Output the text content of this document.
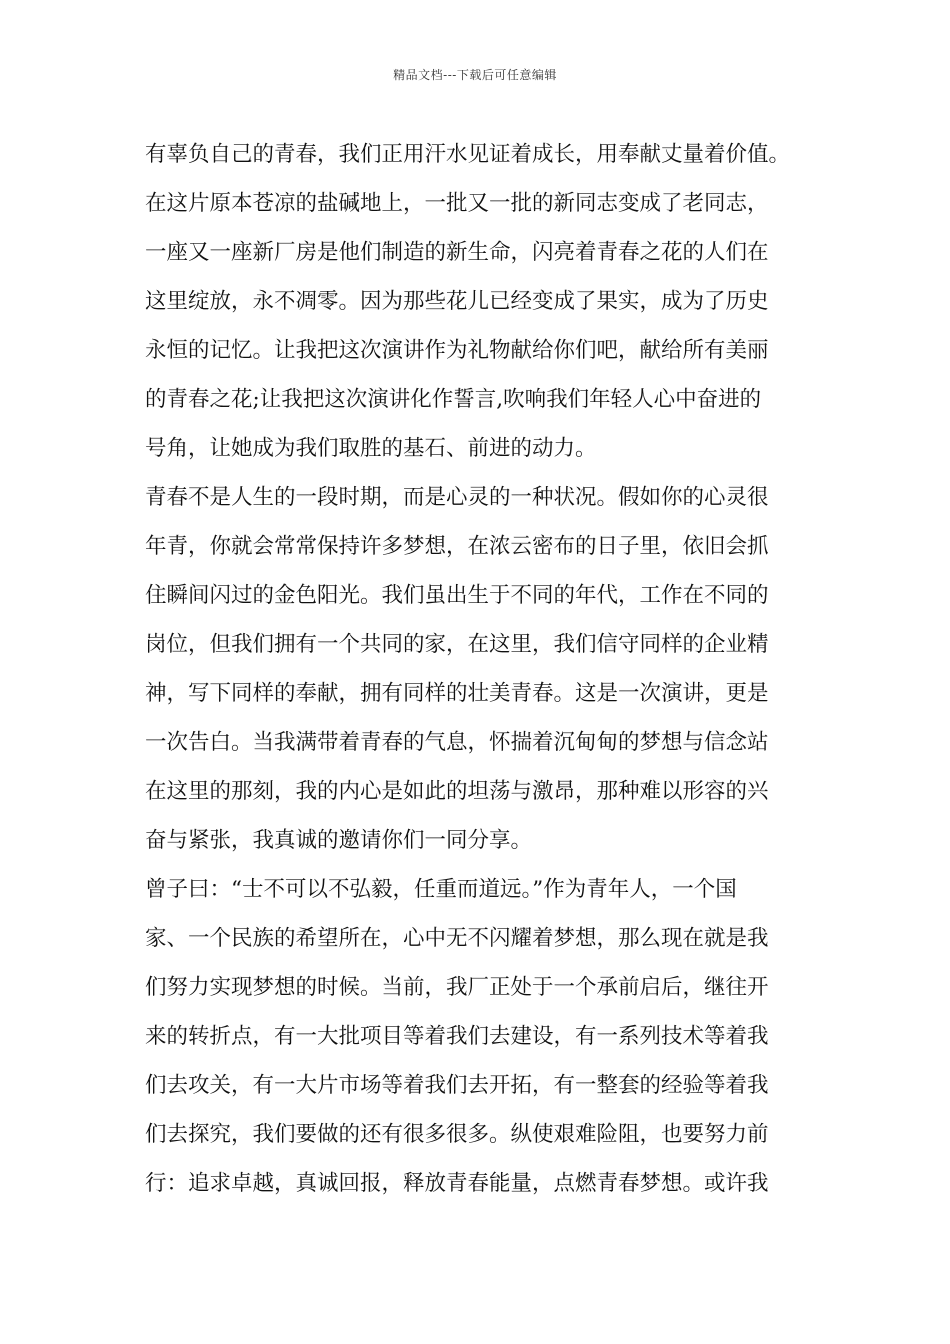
精品文档---下载后可任意编辑
有辜负自己的青春，我们正用汗水见证着成长，用奉献丈量着价值。
在这片原本苍凉的盐碱地上，一批又一批的新同志变成了老同志，
一座又一座新厂房是他们制造的新生命，闪亮着青春之花的人们在
这里绽放，永不凋零。因为那些花儿已经变成了果实，成为了历史
永恒的记忆。让我把这次演讲作为礼物献给你们吧，献给所有美丽
的青春之花;让我把这次演讲化作誓言,吹响我们年轻人心中奋进的
号角，让她成为我们取胜的基石、前进的动力。
青春不是人生的一段时期，而是心灵的一种状况。假如你的心灵很
年青，你就会常常保持许多梦想，在浓云密布的日子里，依旧会抓
住瞬间闪过的金色阳光。我们虽出生于不同的年代，工作在不同的
岗位，但我们拥有一个共同的家，在这里，我们信守同样的企业精
神，写下同样的奉献，拥有同样的壮美青春。这是一次演讲，更是
一次告白。当我满带着青春的气息，怀揣着沉甸甸的梦想与信念站
在这里的那刻，我的内心是如此的坦荡与激昂，那种难以形容的兴
奋与紧张，我真诚的邀请你们一同分享。
曾子曰：“士不可以不弘毅，任重而道远。”作为青年人，一个国
家、一个民族的希望所在，心中无不闪耀着梦想，那么现在就是我
们努力实现梦想的时候。当前，我厂正处于一个承前启后，继往开
来的转折点，有一大批项目等着我们去建设，有一系列技术等着我
们去攻关，有一大片市场等着我们去开拓，有一整套的经验等着我
们去探究，我们要做的还有很多很多。纵使艰难险阻，也要努力前
行：追求卓越，真诚回报，释放青春能量，点燃青春梦想。或许我
